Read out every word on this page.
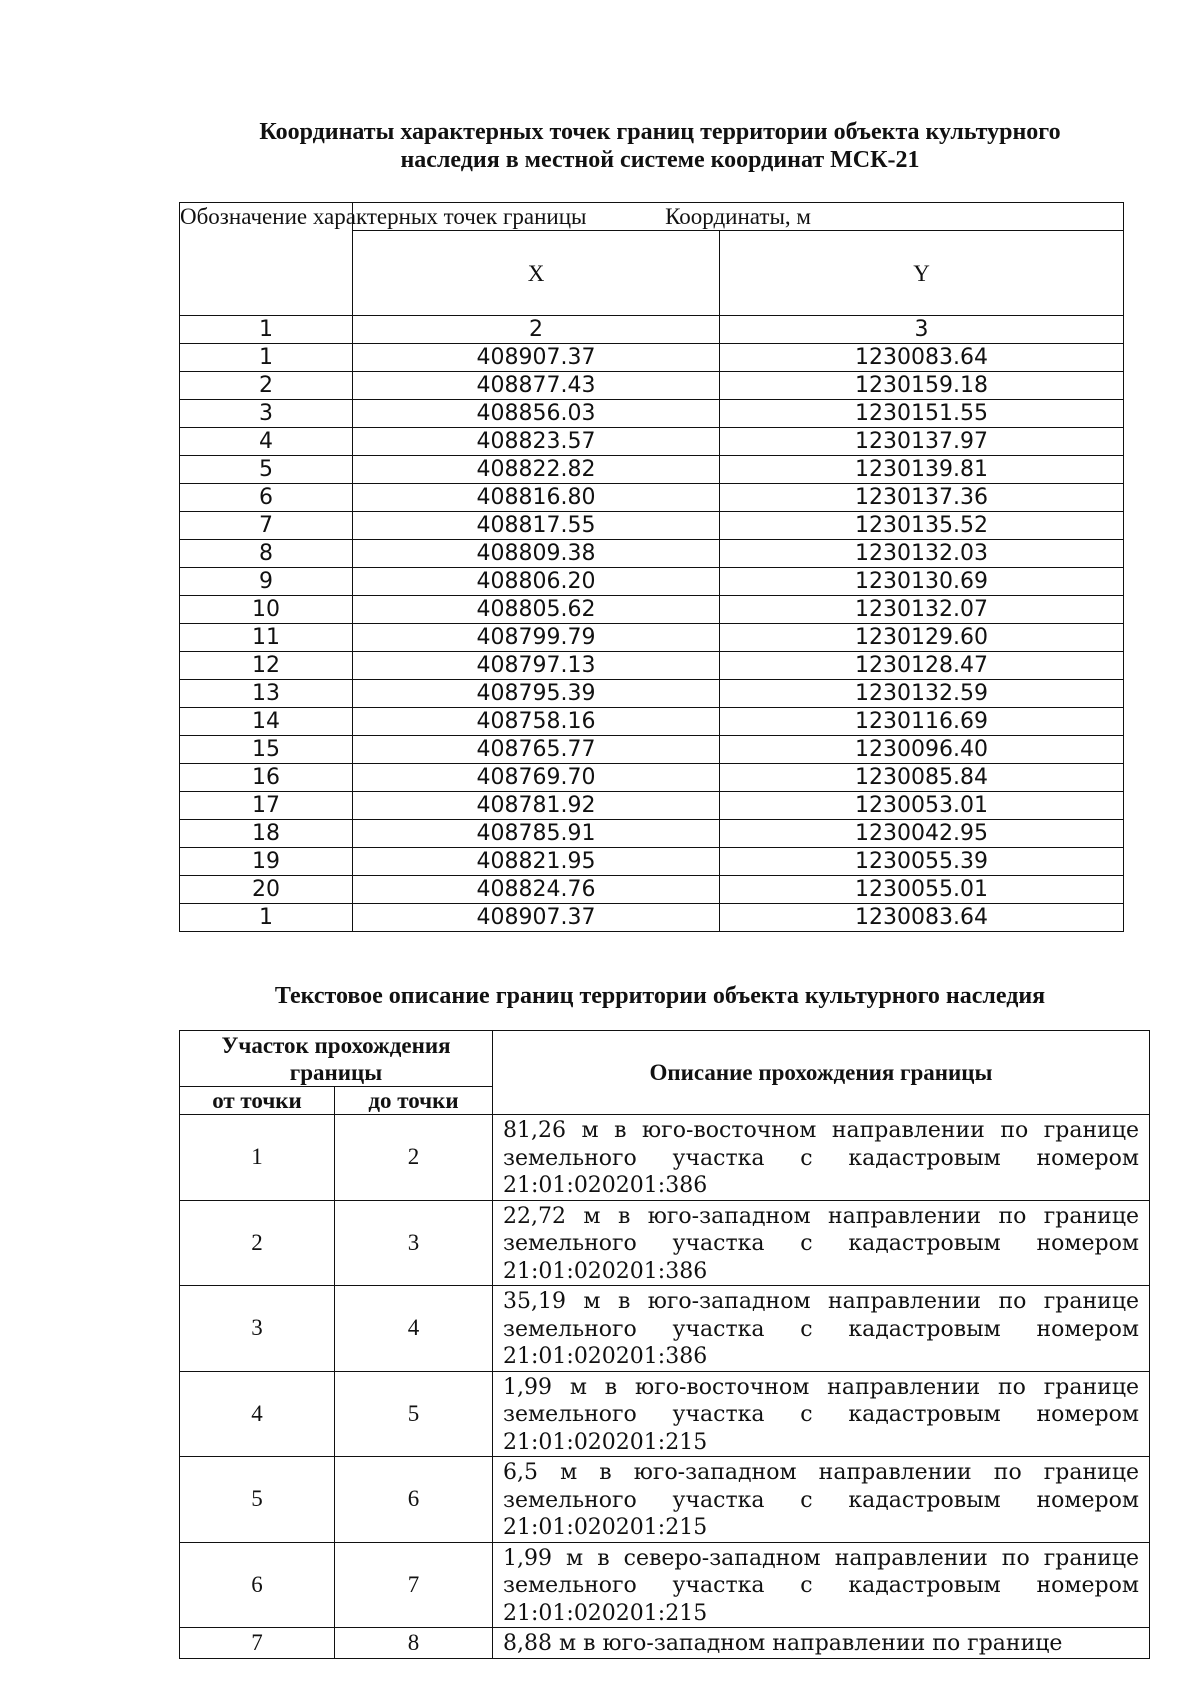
Координаты характерных точек границ территории объекта культурного
наследия в местной системе координат МСК-21
Обозначение характерных точек границы	Координаты, м	
	X	Y
1	2	3
1	408907.37	1230083.64
2	408877.43	1230159.18
3	408856.03	1230151.55
4	408823.57	1230137.97
5	408822.82	1230139.81
6	408816.80	1230137.36
7	408817.55	1230135.52
8	408809.38	1230132.03
9	408806.20	1230130.69
10	408805.62	1230132.07
11	408799.79	1230129.60
12	408797.13	1230128.47
13	408795.39	1230132.59
14	408758.16	1230116.69
15	408765.77	1230096.40
16	408769.70	1230085.84
17	408781.92	1230053.01
18	408785.91	1230042.95
19	408821.95	1230055.39
20	408824.76	1230055.01
1	408907.37	1230083.64
Текстовое описание границ территории объекта культурного наследия
Участок прохождения границы		Описание прохождения границы
от точки	до точки	
1	2	81,26 м в юго-восточном направлении по границе земельного участка с кадастровым номером 21:01:020201:386
2	3	22,72 м в юго-западном направлении по границе земельного участка с кадастровым номером 21:01:020201:386
3	4	35,19 м в юго-западном направлении по границе земельного участка с кадастровым номером 21:01:020201:386
4	5	1,99 м в юго-восточном направлении по границе земельного участка с кадастровым номером 21:01:020201:215
5	6	6,5 м в юго-западном направлении по границе земельного участка с кадастровым номером 21:01:020201:215
6	7	1,99 м в северо-западном направлении по границе земельного участка с кадастровым номером 21:01:020201:215
7	8	8,88 м в юго-западном направлении по границе
